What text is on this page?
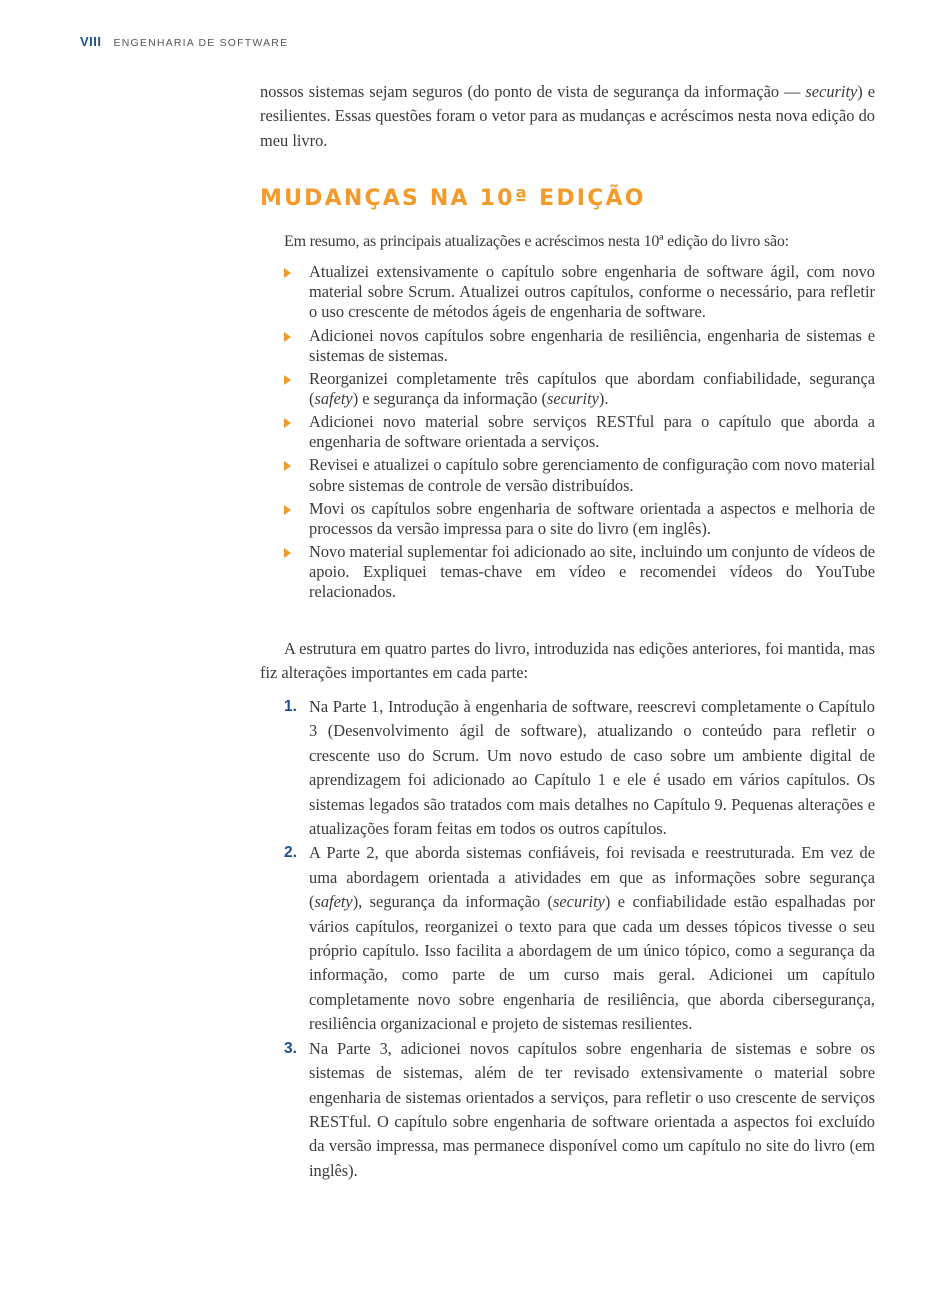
VIII ENGENHARIA DE SOFTWARE

nossos sistemas sejam seguros (do ponto de vista de segurança da informação — security) e resilientes. Essas questões foram o vetor para as mudanças e acréscimos nesta nova edição do meu livro.

MUDANÇAS NA 10ª EDIÇÃO

Em resumo, as principais atualizações e acréscimos nesta 10ª edição do livro são:

Atualizei extensivamente o capítulo sobre engenharia de software ágil, com novo material sobre Scrum. Atualizei outros capítulos, conforme o necessário, para refletir o uso crescente de métodos ágeis de engenharia de software.
Adicionei novos capítulos sobre engenharia de resiliência, engenharia de sistemas e sistemas de sistemas.
Reorganizei completamente três capítulos que abordam confiabilidade, segurança (safety) e segurança da informação (security).
Adicionei novo material sobre serviços RESTful para o capítulo que aborda a engenharia de software orientada a serviços.
Revisei e atualizei o capítulo sobre gerenciamento de configuração com novo material sobre sistemas de controle de versão distribuídos.
Movi os capítulos sobre engenharia de software orientada a aspectos e melhoria de processos da versão impressa para o site do livro (em inglês).
Novo material suplementar foi adicionado ao site, incluindo um conjunto de vídeos de apoio. Expliquei temas-chave em vídeo e recomendei vídeos do YouTube relacionados.

A estrutura em quatro partes do livro, introduzida nas edições anteriores, foi mantida, mas fiz alterações importantes em cada parte:

1. Na Parte 1, Introdução à engenharia de software, reescrevi completamente o Capítulo 3 (Desenvolvimento ágil de software), atualizando o conteúdo para refletir o crescente uso do Scrum. Um novo estudo de caso sobre um ambiente digital de aprendizagem foi adicionado ao Capítulo 1 e ele é usado em vários capítulos. Os sistemas legados são tratados com mais detalhes no Capítulo 9. Pequenas alterações e atualizações foram feitas em todos os outros capítulos.
2. A Parte 2, que aborda sistemas confiáveis, foi revisada e reestruturada. Em vez de uma abordagem orientada a atividades em que as informações sobre segurança (safety), segurança da informação (security) e confiabilidade estão espalhadas por vários capítulos, reorganizei o texto para que cada um desses tópicos tivesse o seu próprio capítulo. Isso facilita a abordagem de um único tópico, como a segurança da informação, como parte de um curso mais geral. Adicionei um capítulo completamente novo sobre engenharia de resiliência, que aborda cibersegurança, resiliência organizacional e projeto de sistemas resilientes.
3. Na Parte 3, adicionei novos capítulos sobre engenharia de sistemas e sobre os sistemas de sistemas, além de ter revisado extensivamente o material sobre engenharia de sistemas orientados a serviços, para refletir o uso crescente de serviços RESTful. O capítulo sobre engenharia de software orientada a aspectos foi excluído da versão impressa, mas permanece disponível como um capítulo no site do livro (em inglês).
